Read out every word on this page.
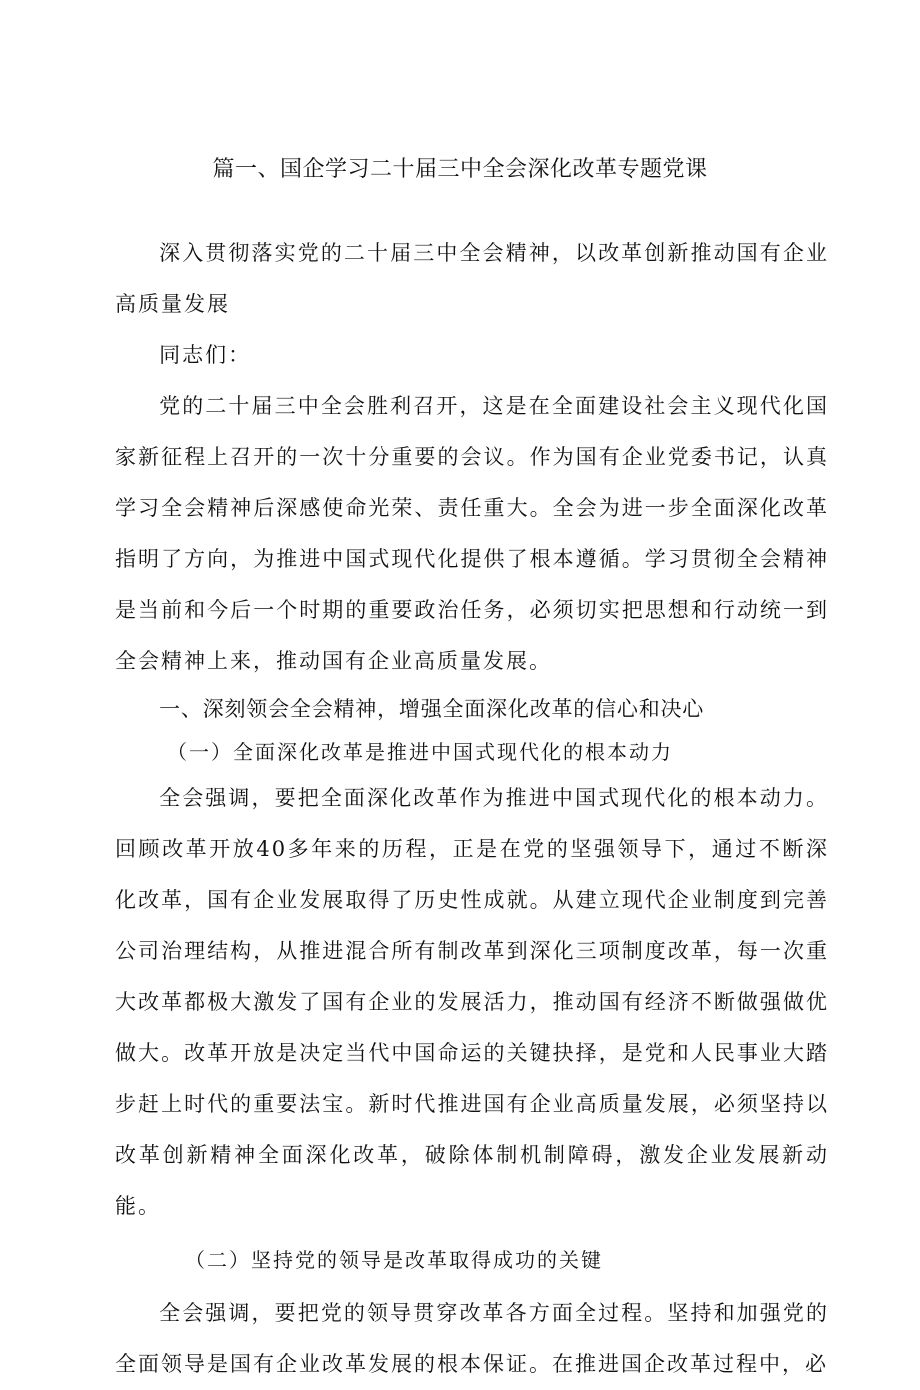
篇一、国企学习二十届三中全会深化改革专题党课

深入贯彻落实党的二十届三中全会精神，以改革创新推动国有企业高质量发展

同志们：

党的二十届三中全会胜利召开，这是在全面建设社会主义现代化国家新征程上召开的一次十分重要的会议。作为国有企业党委书记，认真学习全会精神后深感使命光荣、责任重大。全会为进一步全面深化改革指明了方向，为推进中国式现代化提供了根本遵循。学习贯彻全会精神是当前和今后一个时期的重要政治任务，必须切实把思想和行动统一到全会精神上来，推动国有企业高质量发展。

一、深刻领会全会精神，增强全面深化改革的信心和决心

（一）全面深化改革是推进中国式现代化的根本动力

全会强调，要把全面深化改革作为推进中国式现代化的根本动力。回顾改革开放40多年来的历程，正是在党的坚强领导下，通过不断深化改革，国有企业发展取得了历史性成就。从建立现代企业制度到完善公司治理结构，从推进混合所有制改革到深化三项制度改革，每一次重大改革都极大激发了国有企业的发展活力，推动国有经济不断做强做优做大。改革开放是决定当代中国命运的关键抉择，是党和人民事业大踏步赶上时代的重要法宝。新时代推进国有企业高质量发展，必须坚持以改革创新精神全面深化改革，破除体制机制障碍，激发企业发展新动能。

（二）坚持党的领导是改革取得成功的关键

全会强调，要把党的领导贯穿改革各方面全过程。坚持和加强党的全面领导是国有企业改革发展的根本保证。在推进国企改革过程中，必
